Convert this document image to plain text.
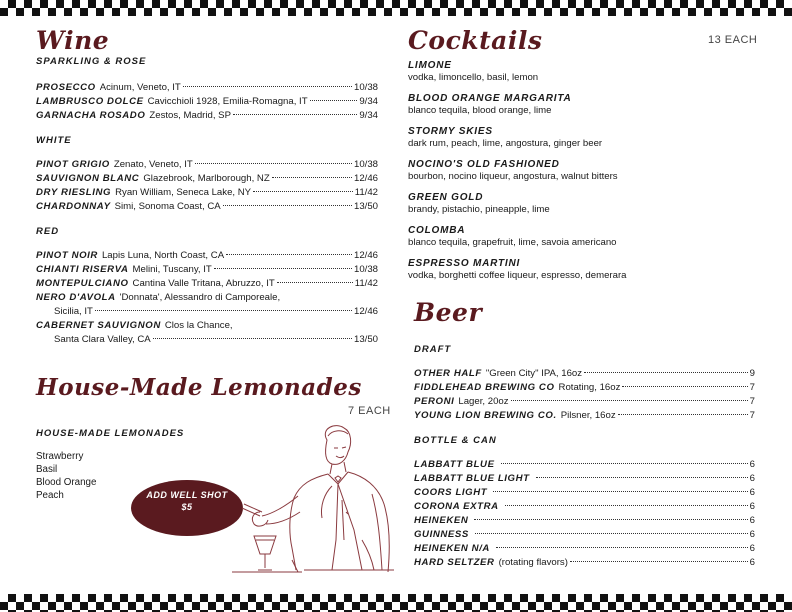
Wine
SPARKLING & ROSE
PROSECCO Acinum, Veneto, IT	10/38
LAMBRUSCO DOLCE Cavicchioli 1928, Emilia-Romagna, IT	9/34
GARNACHA ROSADO Zestos, Madrid, SP	9/34
WHITE
PINOT GRIGIO Zenato, Veneto, IT	10/38
SAUVIGNON BLANC Glazebrook, Marlborough, NZ	12/46
DRY RIESLING Ryan William, Seneca Lake, NY	11/42
CHARDONNAY Simi, Sonoma Coast, CA	13/50
RED
PINOT NOIR Lapis Luna, North Coast, CA	12/46
CHIANTI RISERVA Melini, Tuscany, IT	10/38
MONTEPULCIANO Cantina Valle Tritana, Abruzzo, IT	11/42
NERO D'AVOLA 'Donnata', Alessandro di Camporeale,
Sicilia, IT	12/46
CABERNET SAUVIGNON Clos la Chance,
Santa Clara Valley, CA	13/50
House-Made Lemonades
7 EACH
HOUSE-MADE LEMONADES
Strawberry
Basil
Blood Orange
Peach	ADD WELL SHOT
$5
Cocktails	13 EACH
LIMONE
vodka, limoncello, basil, lemon
BLOOD ORANGE MARGARITA
blanco tequila, blood orange, lime
STORMY SKIES
dark rum, peach, lime, angostura, ginger beer
NOCINO'S OLD FASHIONED
bourbon, nocino liqueur, angostura, walnut bitters
GREEN GOLD
brandy, pistachio, pineapple, lime
COLOMBA
blanco tequila, grapefruit, lime, savoia americano
ESPRESSO MARTINI
vodka, borghetti coffee liqueur, espresso, demerara
Beer
DRAFT
OTHER HALF "Green City" IPA, 16oz	9
FIDDLEHEAD BREWING CO Rotating, 16oz	7
PERONI Lager, 20oz	7
YOUNG LION BREWING CO. Pilsner, 16oz	7
BOTTLE & CAN
LABBATT BLUE	6
LABBATT BLUE LIGHT	6
COORS LIGHT	6
CORONA EXTRA	6
HEINEKEN	6
GUINNESS	6
HEINEKEN N/A	6
HARD SELTZER (rotating flavors)	6
